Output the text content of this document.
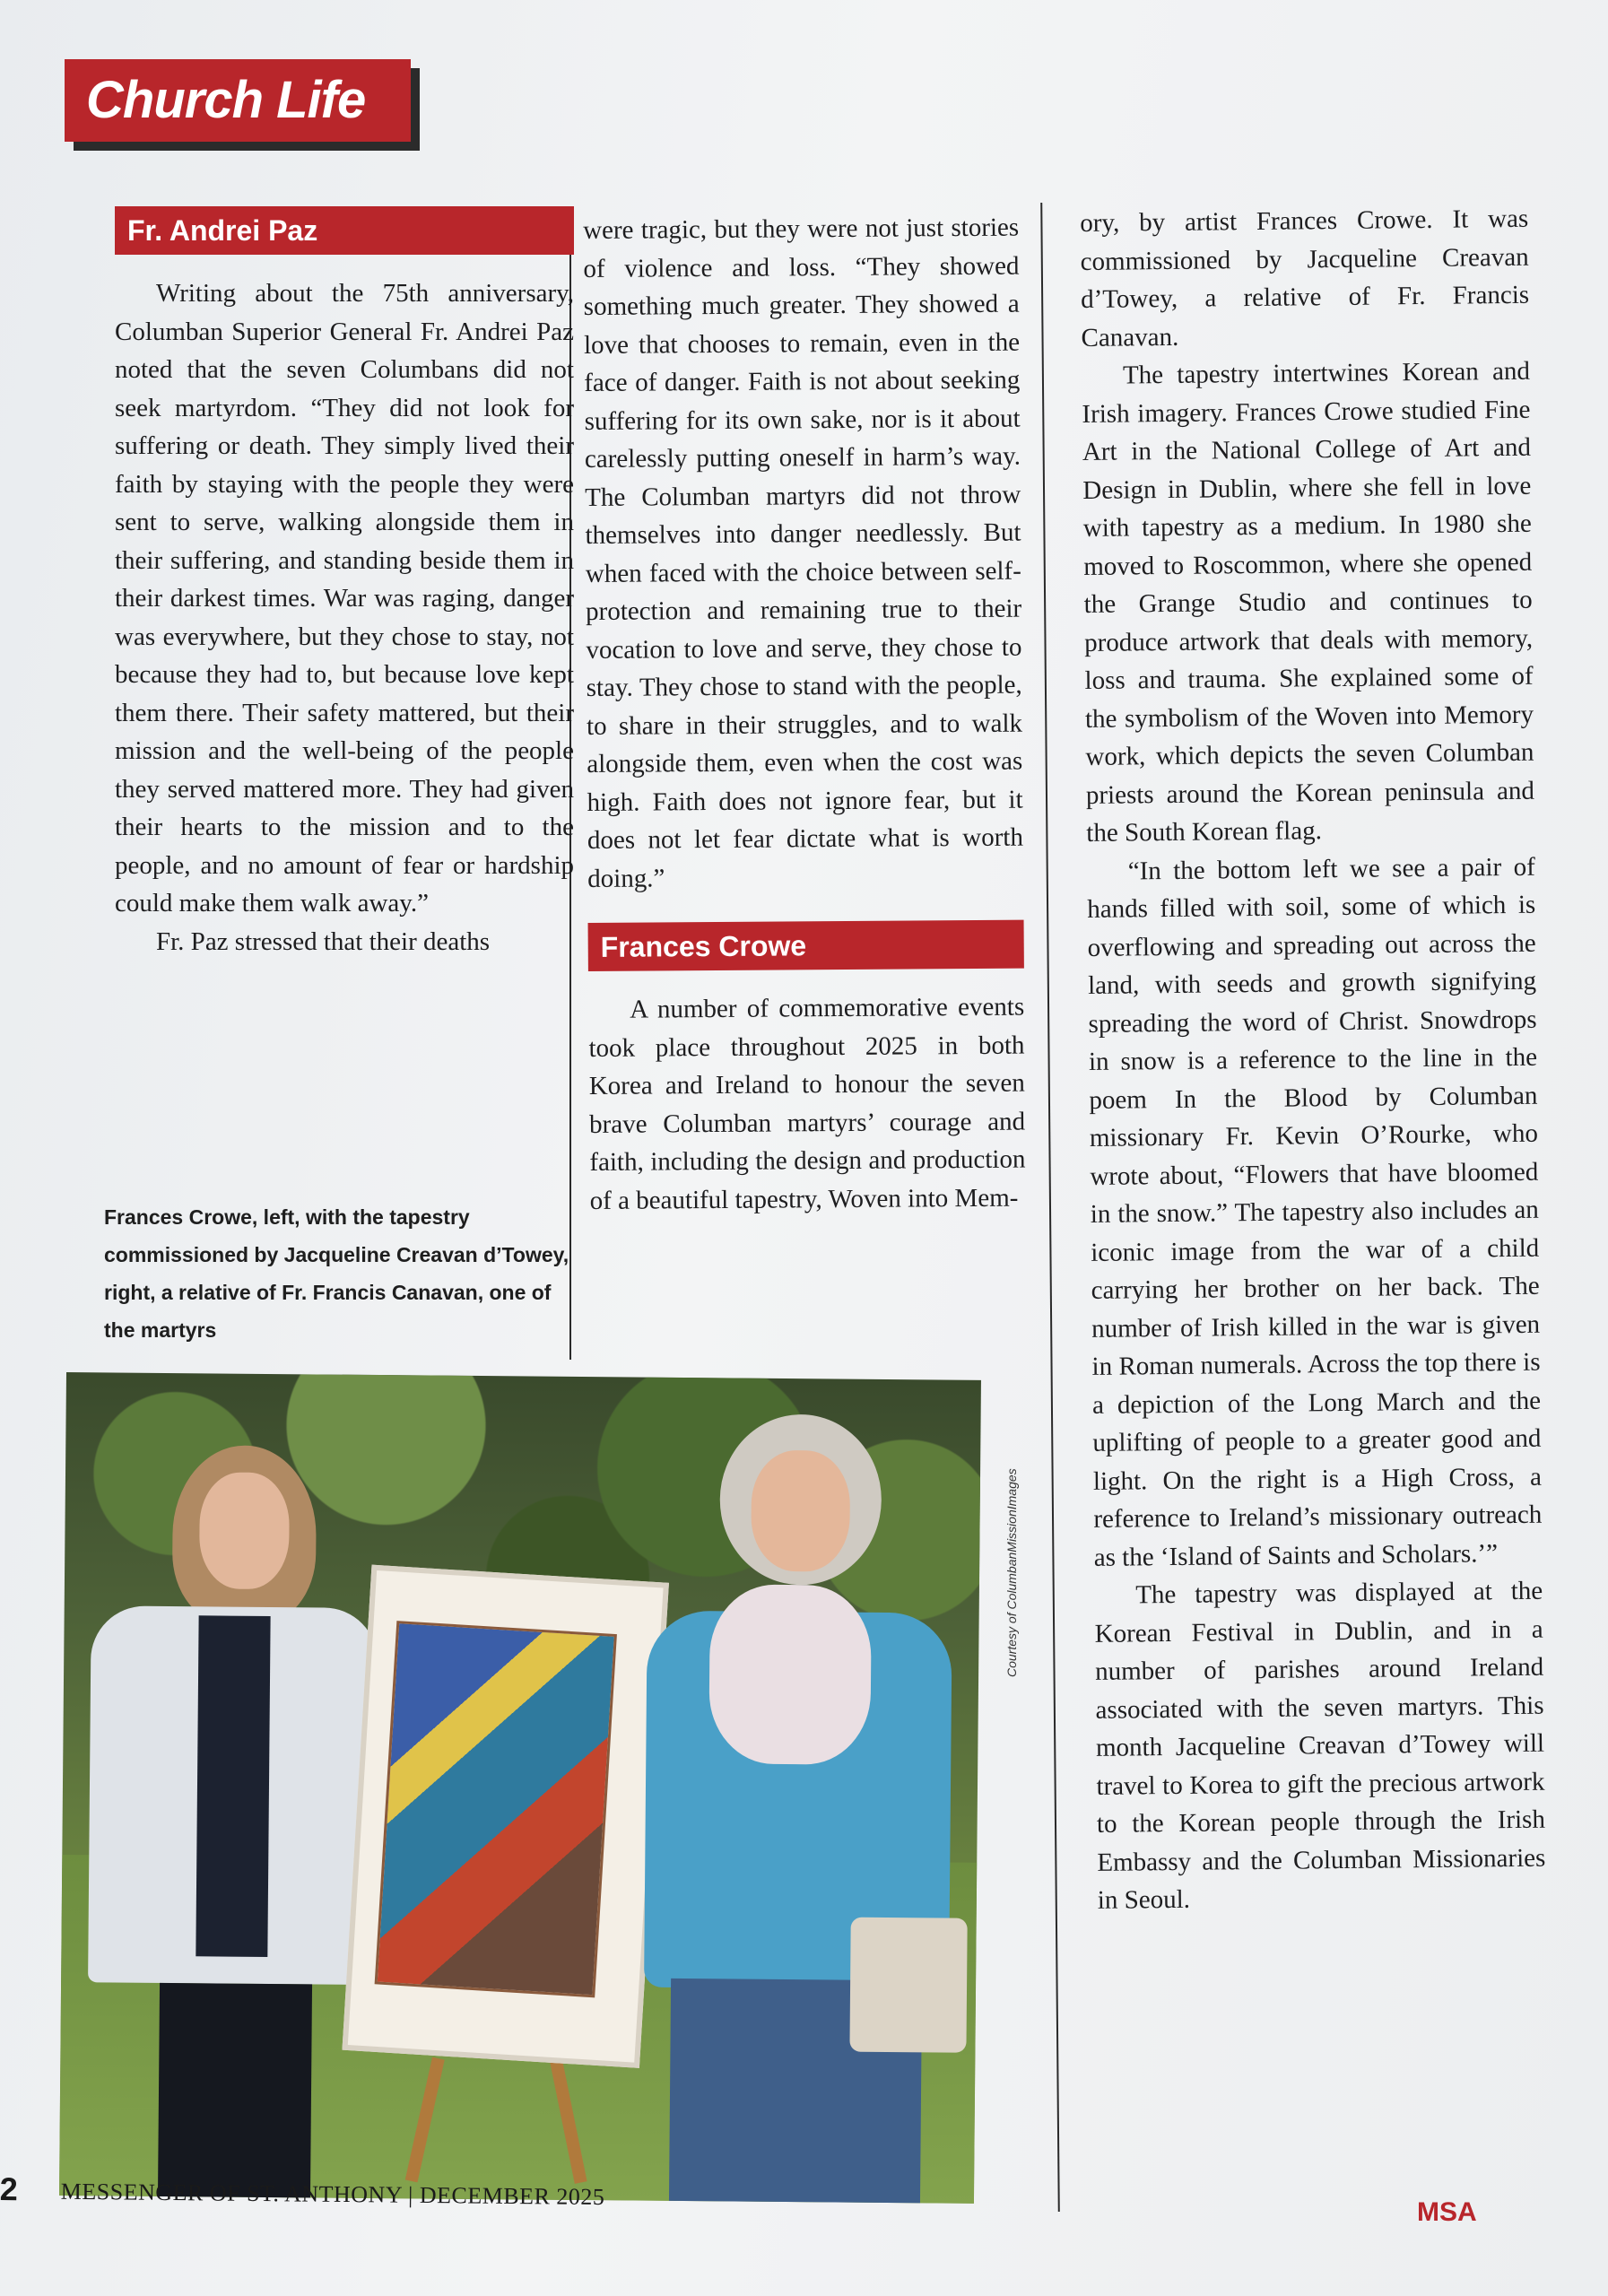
Church Life
Fr. Andrei Paz

Writing about the 75th anniversary, Columban Superior General Fr. Andrei Paz noted that the seven Columbans did not seek martyrdom. “They did not look for suffering or death. They simply lived their faith by staying with the people they were sent to serve, walking alongside them in their suffering, and standing beside them in their darkest times. War was raging, danger was everywhere, but they chose to stay, not because they had to, but because love kept them there. Their safety mattered, but their mission and the well-being of the people they served mattered more. They had given their hearts to the mission and to the people, and no amount of fear or hardship could make them walk away.”

Fr. Paz stressed that their deaths

Frances Crowe, left, with the tapestry commissioned by Jacqueline Creavan d’Towey, right, a relative of Fr. Francis Canavan, one of the martyrs

were tragic, but they were not just stories of violence and loss. “They showed something much greater. They showed a love that chooses to remain, even in the face of danger. Faith is not about seeking suffering for its own sake, nor is it about carelessly putting oneself in harm’s way. The Columban martyrs did not throw themselves into danger needlessly. But when faced with the choice between self-protection and remaining true to their vocation to love and serve, they chose to stay. They chose to stand with the people, to share in their struggles, and to walk alongside them, even when the cost was high. Faith does not ignore fear, but it does not let fear dictate what is worth doing.”

Frances Crowe

A number of commemorative events took place throughout 2025 in both Korea and Ireland to honour the seven brave Columban martyrs’ courage and faith, including the design and production of a beautiful tapestry, Woven into Mem-

ory, by artist Frances Crowe. It was commissioned by Jacqueline Creavan d’Towey, a relative of Fr. Francis Canavan.

The tapestry intertwines Korean and Irish imagery. Frances Crowe studied Fine Art in the National College of Art and Design in Dublin, where she fell in love with tapestry as a medium. In 1980 she moved to Roscommon, where she opened the Grange Studio and continues to produce artwork that deals with memory, loss and trauma. She explained some of the symbolism of the Woven into Memory work, which depicts the seven Columban priests around the Korean peninsula and the South Korean flag.

“In the bottom left we see a pair of hands filled with soil, some of which is overflowing and spreading out across the land, with seeds and growth signifying spreading the word of Christ. Snowdrops in snow is a reference to the line in the poem In the Blood by Columban missionary Fr. Kevin O’Rourke, who wrote about, “Flowers that have bloomed in the snow.” The tapestry also includes an iconic image from the war of a child carrying her brother on her back. The number of Irish killed in the war is given in Roman numerals. Across the top there is a depiction of the Long March and the uplifting of people to a greater good and light. On the right is a High Cross, a reference to Ireland’s missionary outreach as the ‘Island of Saints and Scholars.’”

The tapestry was displayed at the Korean Festival in Dublin, and in a number of parishes around Ireland associated with the seven martyrs. This month Jacqueline Creavan d’Towey will travel to Korea to gift the precious artwork to the Korean people through the Irish Embassy and the Columban Missionaries in Seoul.

Courtesy of ColumbanMissionImages
2 MESSENGER OF ST. ANTHONY | DECEMBER 2025
MSA
